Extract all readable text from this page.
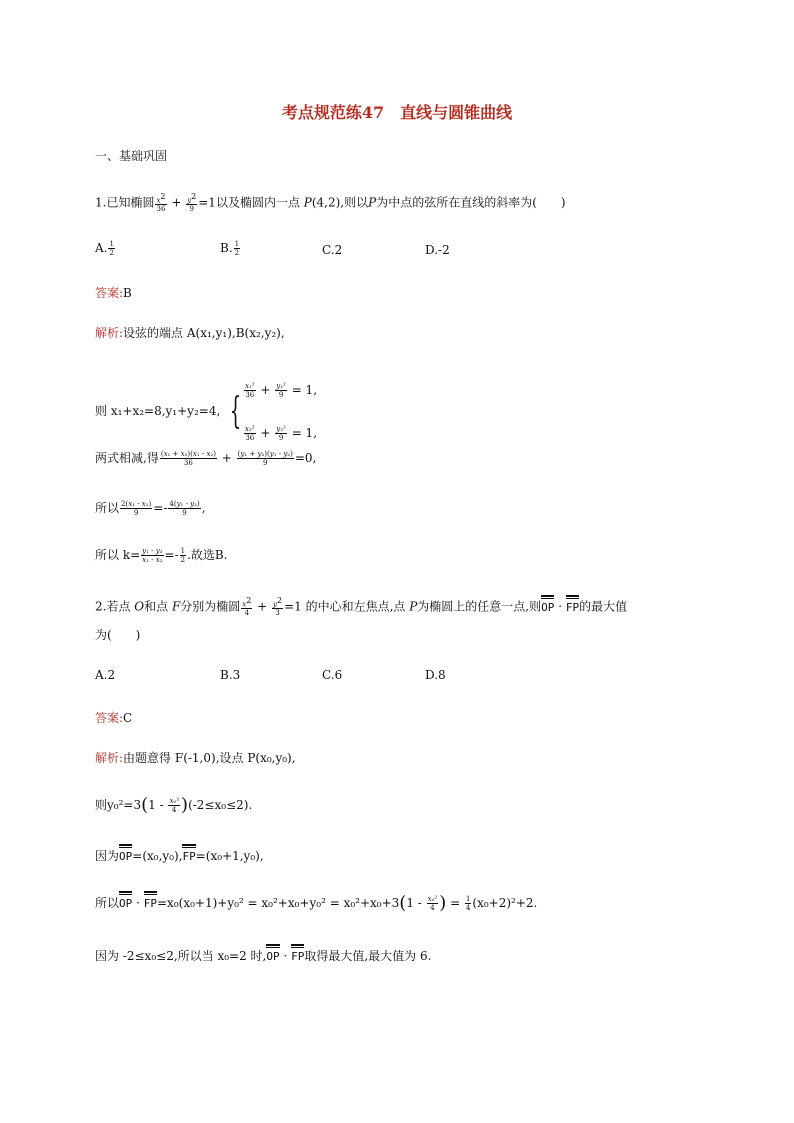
考点规范练47　直线与圆锥曲线
一、基础巩固
1.已知椭圆 $\frac{x^2}{36} + \frac{y^2}{9} =1$以及椭圆内一点 P(4,2),则以P为中点的弦所在直线的斜率为(　　)
A. $\frac{1}{2}$	B. $\frac{1}{2}$	C.2	D.-2
答案:B
解析:设弦的端点 A(x₁,y₁),B(x₂,y₂),
则 x₁+x₂=8,y₁+y₂=4, { $\frac{\text{x₁²}}{36} + \frac{\text{y₁²}}{9} = 1$,
$\frac{\text{x₂²}}{36} + \frac{\text{y₂²}}{9} = 1$,
两式相减,得 $\frac{\text{(x₁ + x₂)(x₁ - x₂)}}{36} + \frac{\text{(y₁ + y₂)(y₁ - y₂)}}{9} =0$,
所以 $\frac{\text{2(x₁ - x₂)}}{9} =- \frac{\text{4(y₁ - y₂)}}{9}$ ,
所以 $k= \frac{\text{y₁ - y₂}}{\text{x₁ - x₂}} =- \frac{1}{2}$ .故选B.
2.若点 O和点 F分别为椭圆 $\frac{x^2}{4} + \frac{y^2}{3} =1$ 的中心和左焦点,点 P为椭圆上的任意一点,则OP · FP的最大值
为(　　)
A.2	B.3	C.6	D.8
答案:C
解析:由题意得 F(-1,0),设点 P(x₀,y₀),
则$y_0^2=3(1 - \frac{\text{x₀²}}{4} )(-2\le x_0\le 2)$.
因为OP=(x₀,y₀),FP=(x₀+1,y₀),
所以OP · $FP=x_0(x_0+1)+y_0^2 = x_0^2+x_0+y_0^2 = x_0^2+x_0+3(1 - \frac{\text{x₀²}}{4}$ ) = $\frac{1}{4} (x_0+2)^2+2$.
因为 -2≤x₀≤2,所以当 x₀=2 时,OP · FP取得最大值,最大值为 6.
